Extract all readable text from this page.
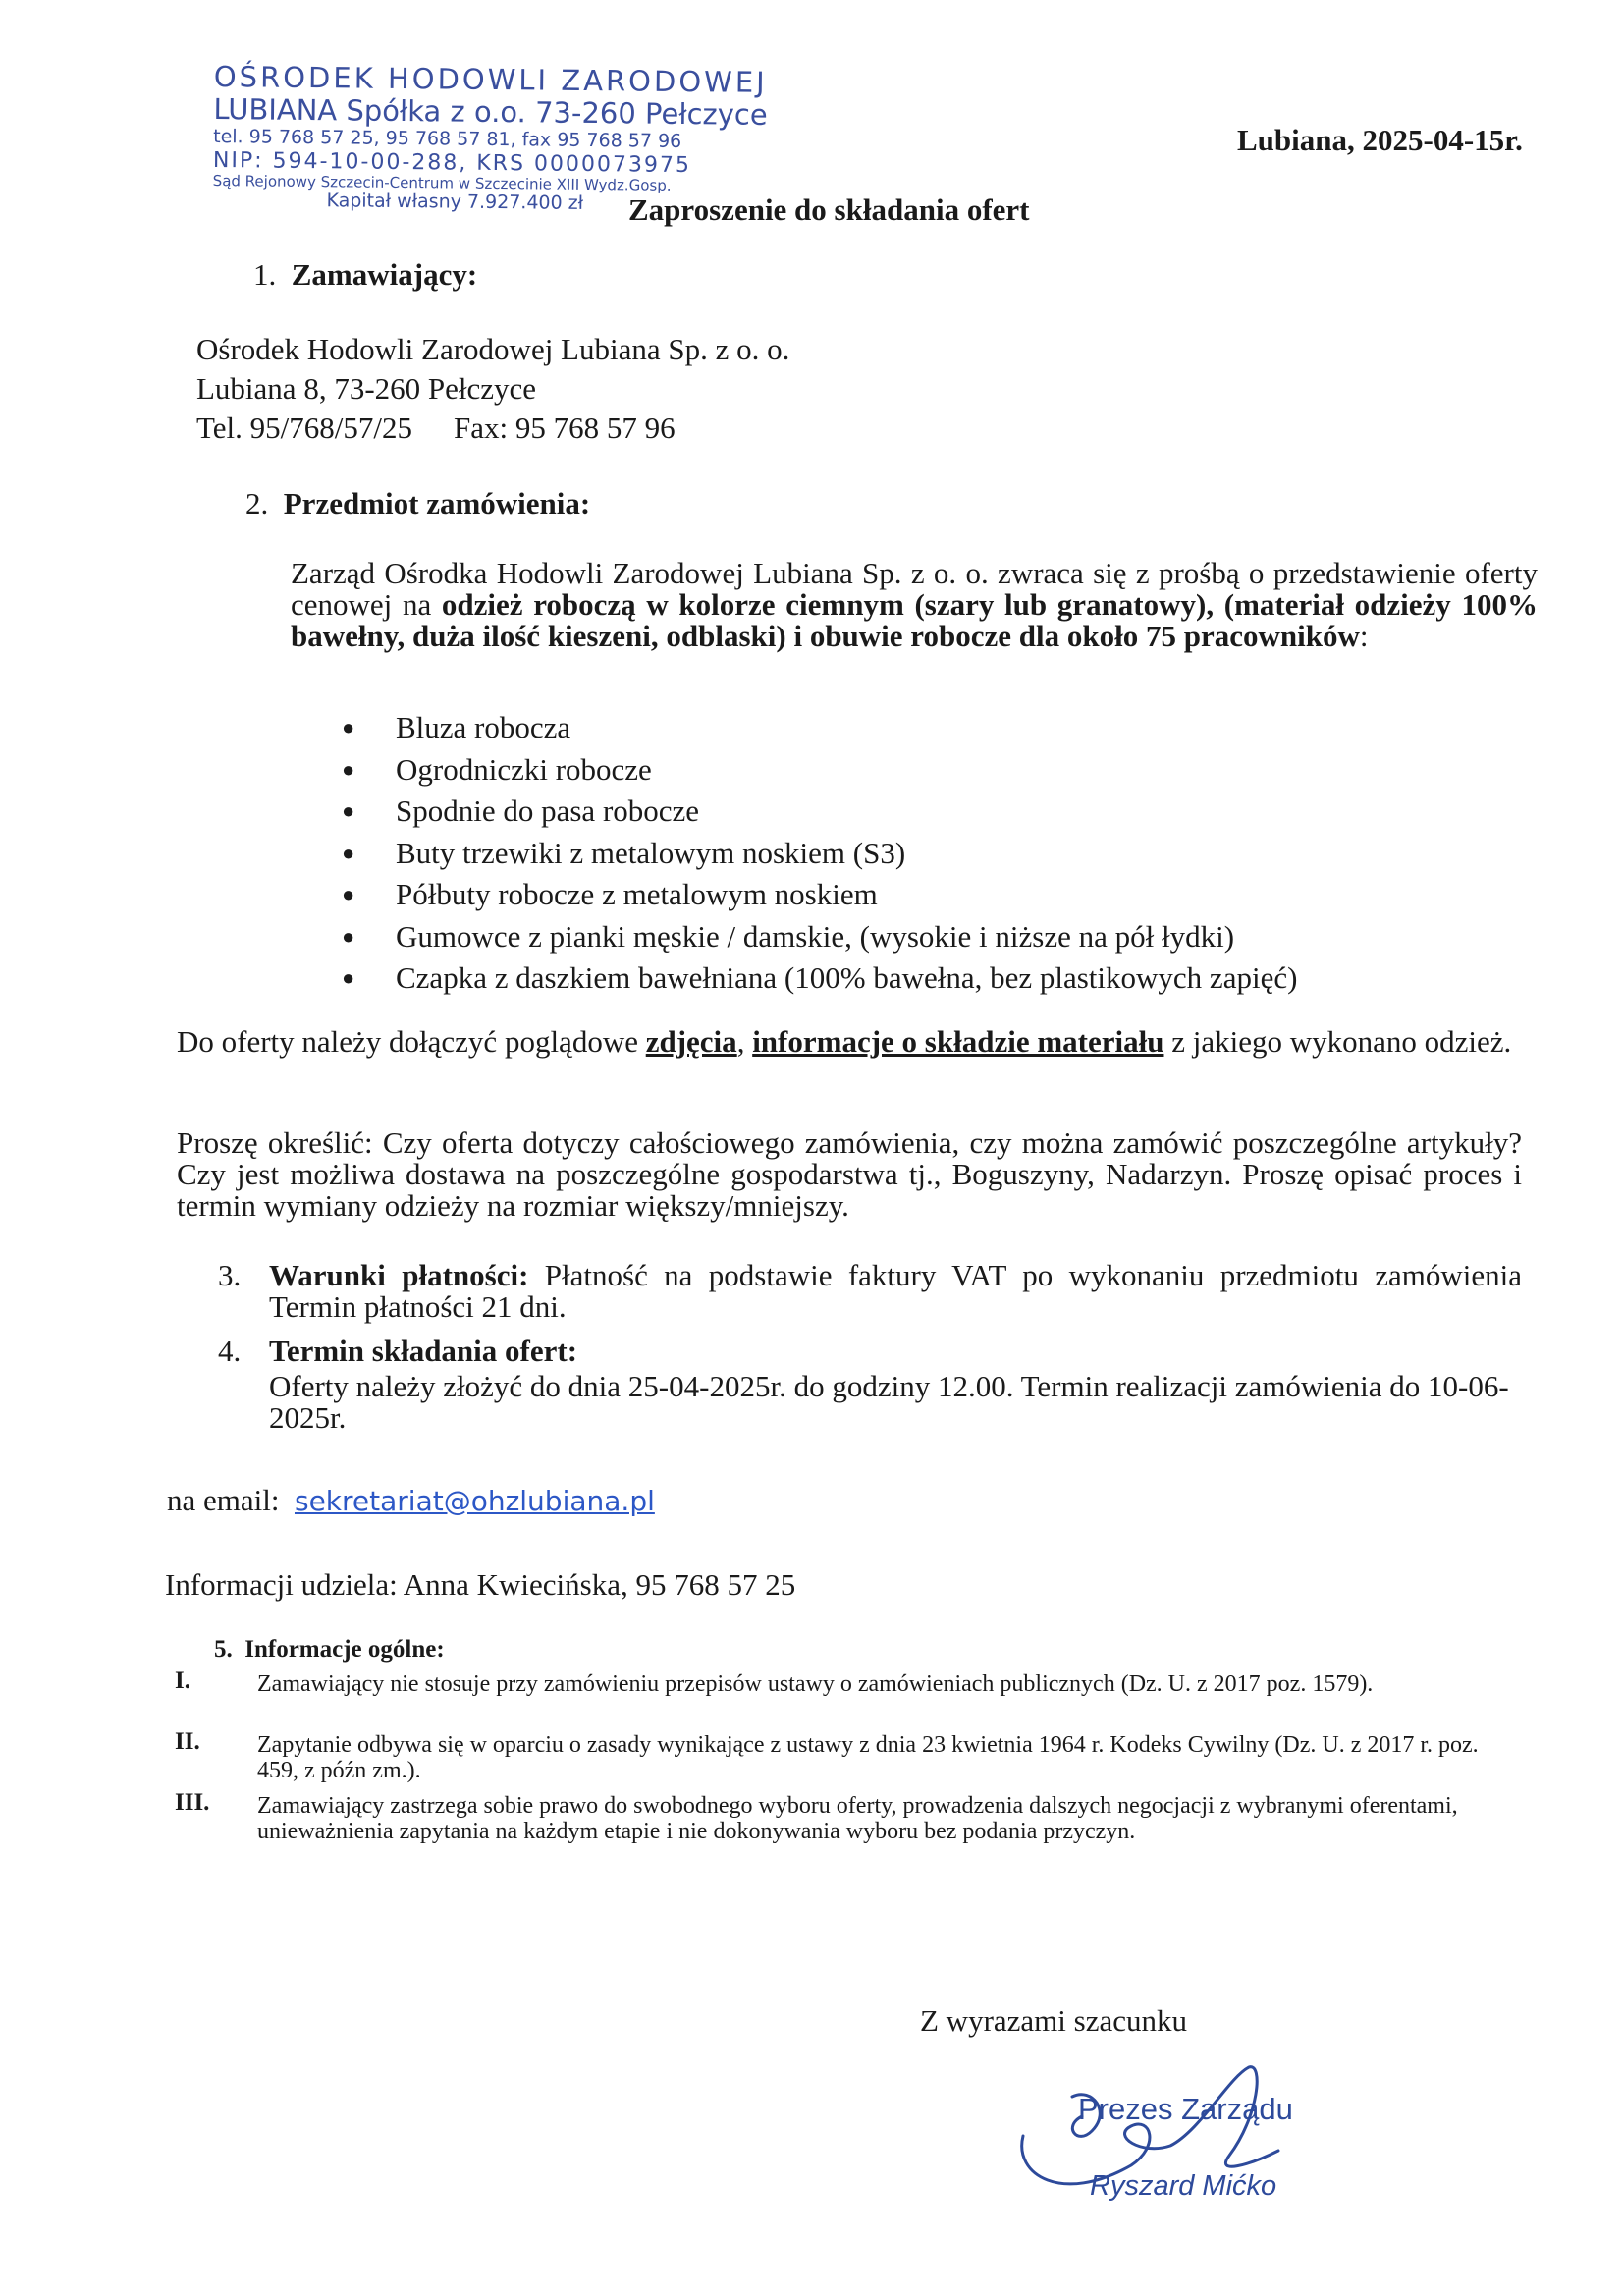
OŚRODEK HODOWLI ZARODOWEJ
LUBIANA Spółka z o.o. 73-260 Pełczyce
tel. 95 768 57 25, 95 768 57 81, fax 95 768 57 96
NIP: 594-10-00-288, KRS 0000073975
Sąd Rejonowy Szczecin-Centrum w Szczecinie XIII Wydz.Gosp.
Kapitał własny 7.927.400 zł
Lubiana, 2025-04-15r.
Zaproszenie do składania ofert
1. Zamawiający:
Ośrodek Hodowli Zarodowej Lubiana Sp. z o. o.
Lubiana 8, 73-260 Pełczyce
Tel. 95/768/57/25 Fax: 95 768 57 96
2. Przedmiot zamówienia:
Zarząd Ośrodka Hodowli Zarodowej Lubiana Sp. z o. o. zwraca się z prośbą o przedstawienie oferty cenowej na odzież roboczą w kolorze ciemnym (szary lub granatowy), (materiał odzieży 100% bawełny, duża ilość kieszeni, odblaski) i obuwie robocze dla około 75 pracowników:
● Bluza robocza
● Ogrodniczki robocze
● Spodnie do pasa robocze
● Buty trzewiki z metalowym noskiem (S3)
● Półbuty robocze z metalowym noskiem
● Gumowce z pianki męskie / damskie, (wysokie i niższe na pół łydki)
● Czapka z daszkiem bawełniana (100% bawełna, bez plastikowych zapięć)
Do oferty należy dołączyć poglądowe zdjęcia, informacje o składzie materiału z jakiego wykonano odzież.
Proszę określić: Czy oferta dotyczy całościowego zamówienia, czy można zamówić poszczególne artykuły? Czy jest możliwa dostawa na poszczególne gospodarstwa tj., Boguszyny, Nadarzyn. Proszę opisać proces i termin wymiany odzieży na rozmiar większy/mniejszy.
3. Warunki płatności: Płatność na podstawie faktury VAT po wykonaniu przedmiotu zamówienia Termin płatności 21 dni.
4. Termin składania ofert:
Oferty należy złożyć do dnia 25-04-2025r. do godziny 12.00. Termin realizacji zamówienia do 10-06-2025r.
na email: sekretariat@ohzlubiana.pl
Informacji udziela: Anna Kwiecińska, 95 768 57 25
5. Informacje ogólne:
I.	Zamawiający nie stosuje przy zamówieniu przepisów ustawy o zamówieniach publicznych (Dz. U. z 2017 poz. 1579).
II. Zapytanie odbywa się w oparciu o zasady wynikające z ustawy z dnia 23 kwietnia 1964 r. Kodeks Cywilny (Dz. U. z 2017 r. poz. 459, z późn zm.).
III. Zamawiający zastrzega sobie prawo do swobodnego wyboru oferty, prowadzenia dalszych negocjacji z wybranymi oferentami, unieważnienia zapytania na każdym etapie i nie dokonywania wyboru bez podania przyczyn.
Z wyrazami szacunku
Prezes Zarządu
Ryszard Mićko
